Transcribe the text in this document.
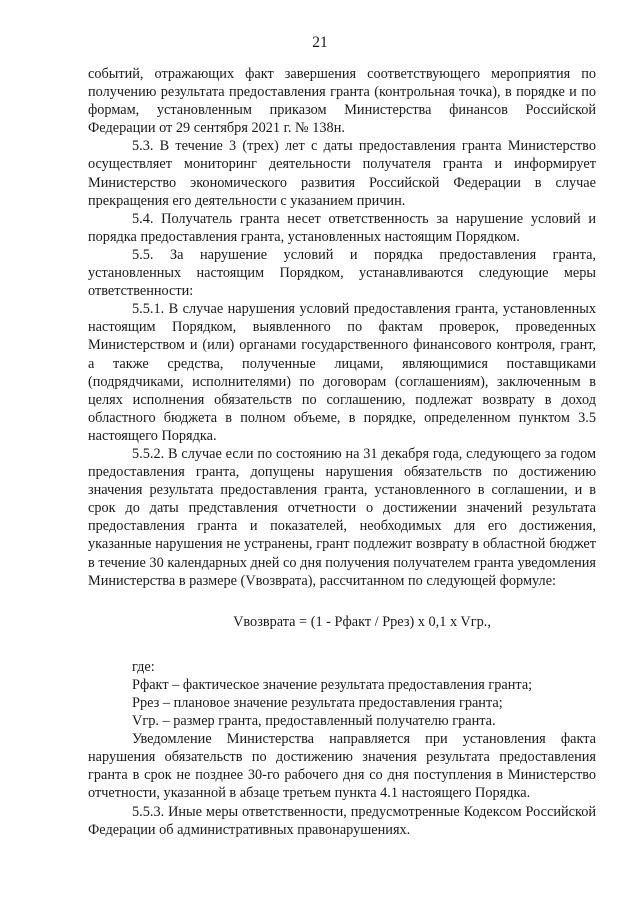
21

событий, отражающих факт завершения соответствующего мероприятия по получению результата предоставления гранта (контрольная точка), в порядке и по формам, установленным приказом Министерства финансов Российской Федерации от 29 сентября 2021 г. № 138н.

5.3. В течение 3 (трех) лет с даты предоставления гранта Министерство осуществляет мониторинг деятельности получателя гранта и информирует Министерство экономического развития Российской Федерации в случае прекращения его деятельности с указанием причин.

5.4. Получатель гранта несет ответственность за нарушение условий и порядка предоставления гранта, установленных настоящим Порядком.

5.5. За нарушение условий и порядка предоставления гранта, установленных настоящим Порядком, устанавливаются следующие меры ответственности:

5.5.1. В случае нарушения условий предоставления гранта, установленных настоящим Порядком, выявленного по фактам проверок, проведенных Министерством и (или) органами государственного финансового контроля, грант, а также средства, полученные лицами, являющимися поставщиками (подрядчиками, исполнителями) по договорам (соглашениям), заключенным в целях исполнения обязательств по соглашению, подлежат возврату в доход областного бюджета в полном объеме, в порядке, определенном пунктом 3.5 настоящего Порядка.

5.5.2. В случае если по состоянию на 31 декабря года, следующего за годом предоставления гранта, допущены нарушения обязательств по достижению значения результата предоставления гранта, установленного в соглашении, и в срок до даты представления отчетности о достижении значений результата предоставления гранта и показателей, необходимых для его достижения, указанные нарушения не устранены, грант подлежит возврату в областной бюджет в течение 30 календарных дней со дня получения получателем гранта уведомления Министерства в размере (Vвозврата), рассчитанном по следующей формуле:

Vвозврата = (1 - Pфакт / Pрез) x 0,1 x Vгр.,

где:

Рфакт – фактическое значение результата предоставления гранта;

Pрез – плановое значение результата предоставления гранта;

Vгр. – размер гранта, предоставленный получателю гранта.

Уведомление Министерства направляется при установления факта нарушения обязательств по достижению значения результата предоставления гранта в срок не позднее 30-го рабочего дня со дня поступления в Министерство отчетности, указанной в абзаце третьем пункта 4.1 настоящего Порядка.

5.5.3. Иные меры ответственности, предусмотренные Кодексом Российской Федерации об административных правонарушениях.
